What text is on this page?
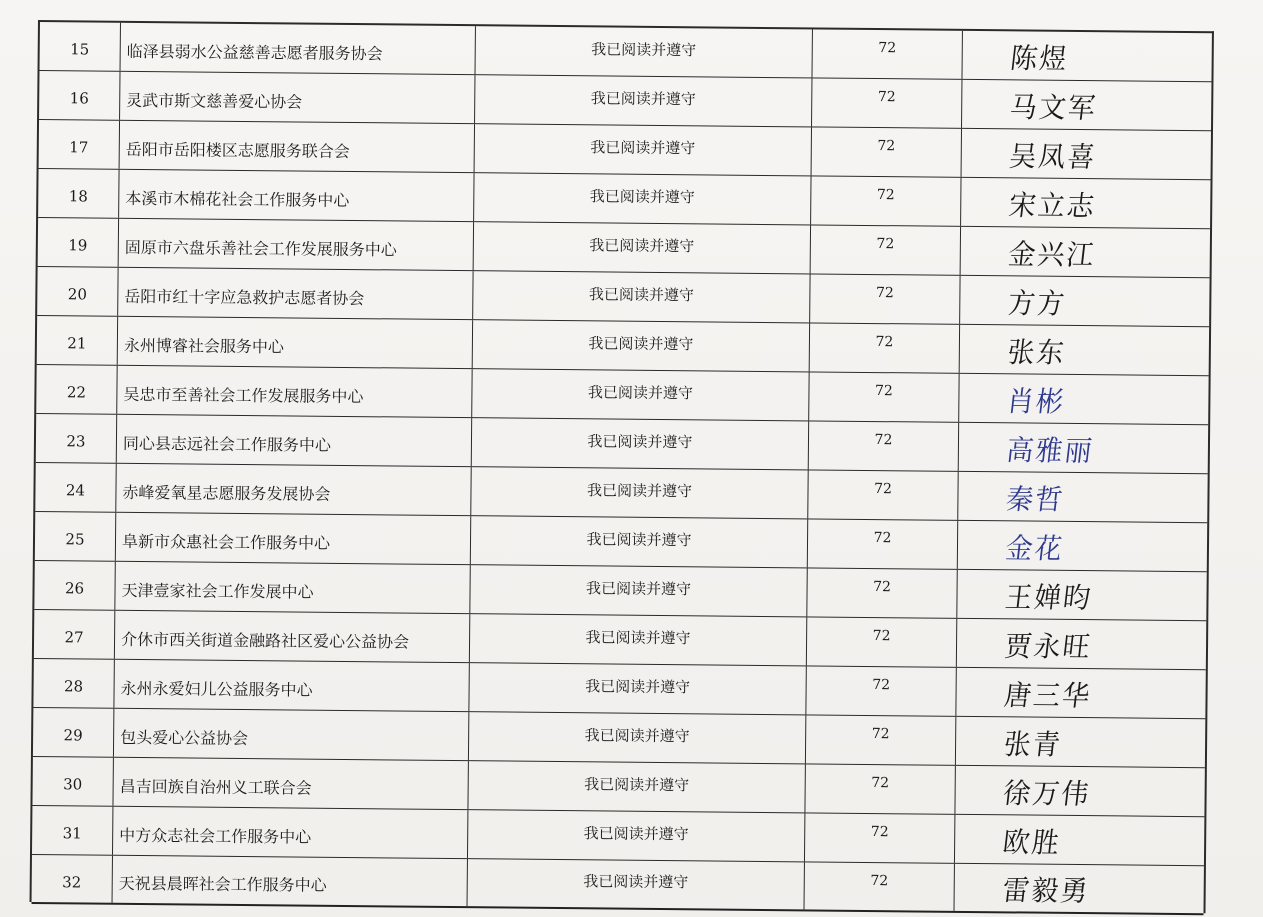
15	临泽县弱水公益慈善志愿者服务协会	我已阅读并遵守	72	陈煜
16	灵武市斯文慈善爱心协会	我已阅读并遵守	72	马文军
17	岳阳市岳阳楼区志愿服务联合会	我已阅读并遵守	72	吴凤喜
18	本溪市木棉花社会工作服务中心	我已阅读并遵守	72	宋立志
19	固原市六盘乐善社会工作发展服务中心	我已阅读并遵守	72	金兴江
20	岳阳市红十字应急救护志愿者协会	我已阅读并遵守	72	方方
21	永州博睿社会服务中心	我已阅读并遵守	72	张东
22	吴忠市至善社会工作发展服务中心	我已阅读并遵守	72	肖彬
23	同心县志远社会工作服务中心	我已阅读并遵守	72	高雅丽
24	赤峰爱氧星志愿服务发展协会	我已阅读并遵守	72	秦哲
25	阜新市众惠社会工作服务中心	我已阅读并遵守	72	金花
26	天津壹家社会工作发展中心	我已阅读并遵守	72	王婵昀
27	介休市西关街道金融路社区爱心公益协会	我已阅读并遵守	72	贾永旺
28	永州永爱妇儿公益服务中心	我已阅读并遵守	72	唐三华
29	包头爱心公益协会	我已阅读并遵守	72	张青
30	昌吉回族自治州义工联合会	我已阅读并遵守	72	徐万伟
31	中方众志社会工作服务中心	我已阅读并遵守	72	欧胜
32	天祝县晨晖社会工作服务中心	我已阅读并遵守	72	雷毅勇
